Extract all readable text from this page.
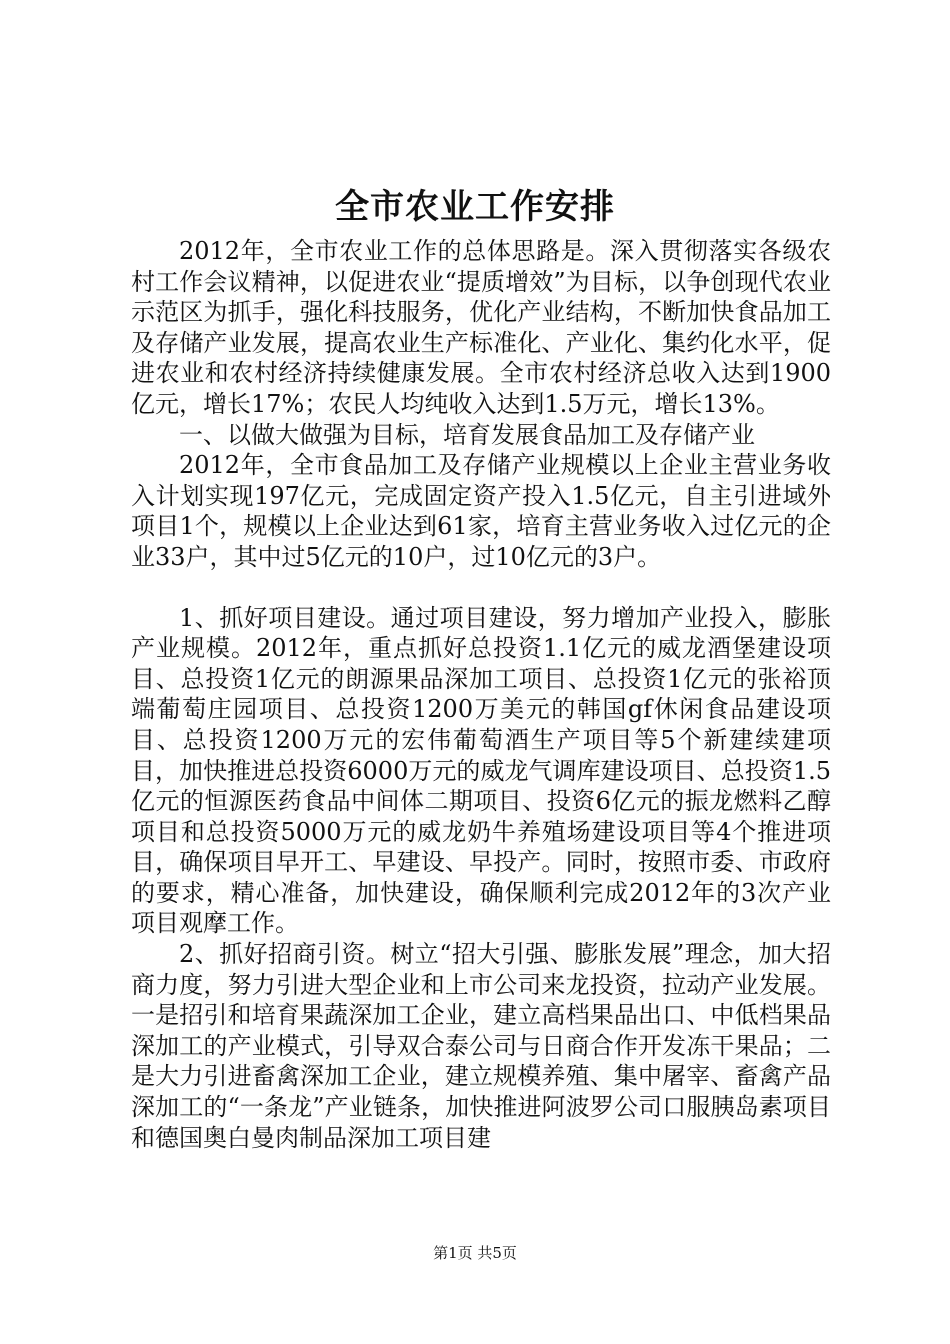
全市农业工作安排

2012年，全市农业工作的总体思路是。深入贯彻落实各级农村工作会议精神，以促进农业“提质增效”为目标，以争创现代农业示范区为抓手，强化科技服务，优化产业结构，不断加快食品加工及存储产业发展，提高农业生产标准化、产业化、集约化水平，促进农业和农村经济持续健康发展。全市农村经济总收入达到1900亿元，增长17%；农民人均纯收入达到1.5万元，增长13%。

一、以做大做强为目标，培育发展食品加工及存储产业

2012年，全市食品加工及存储产业规模以上企业主营业务收入计划实现197亿元，完成固定资产投入1.5亿元，自主引进域外项目1个，规模以上企业达到61家，培育主营业务收入过亿元的企业33户，其中过5亿元的10户，过10亿元的3户。

1、抓好项目建设。通过项目建设，努力增加产业投入，膨胀产业规模。2012年，重点抓好总投资1.1亿元的威龙酒堡建设项目、总投资1亿元的朗源果品深加工项目、总投资1亿元的张裕顶端葡萄庄园项目、总投资1200万美元的韩国gf休闲食品建设项目、总投资1200万元的宏伟葡萄酒生产项目等5个新建续建项目，加快推进总投资6000万元的威龙气调库建设项目、总投资1.5亿元的恒源医药食品中间体二期项目、投资6亿元的振龙燃料乙醇项目和总投资5000万元的威龙奶牛养殖场建设项目等4个推进项目，确保项目早开工、早建设、早投产。同时，按照市委、市政府的要求，精心准备，加快建设，确保顺利完成2012年的3次产业项目观摩工作。

2、抓好招商引资。树立“招大引强、膨胀发展”理念，加大招商力度，努力引进大型企业和上市公司来龙投资，拉动产业发展。一是招引和培育果蔬深加工企业，建立高档果品出口、中低档果品深加工的产业模式，引导双合泰公司与日商合作开发冻干果品；二是大力引进畜禽深加工企业，建立规模养殖、集中屠宰、畜禽产品深加工的“一条龙”产业链条，加快推进阿波罗公司口服胰岛素项目和德国奥白曼肉制品深加工项目建

第1页 共5页
